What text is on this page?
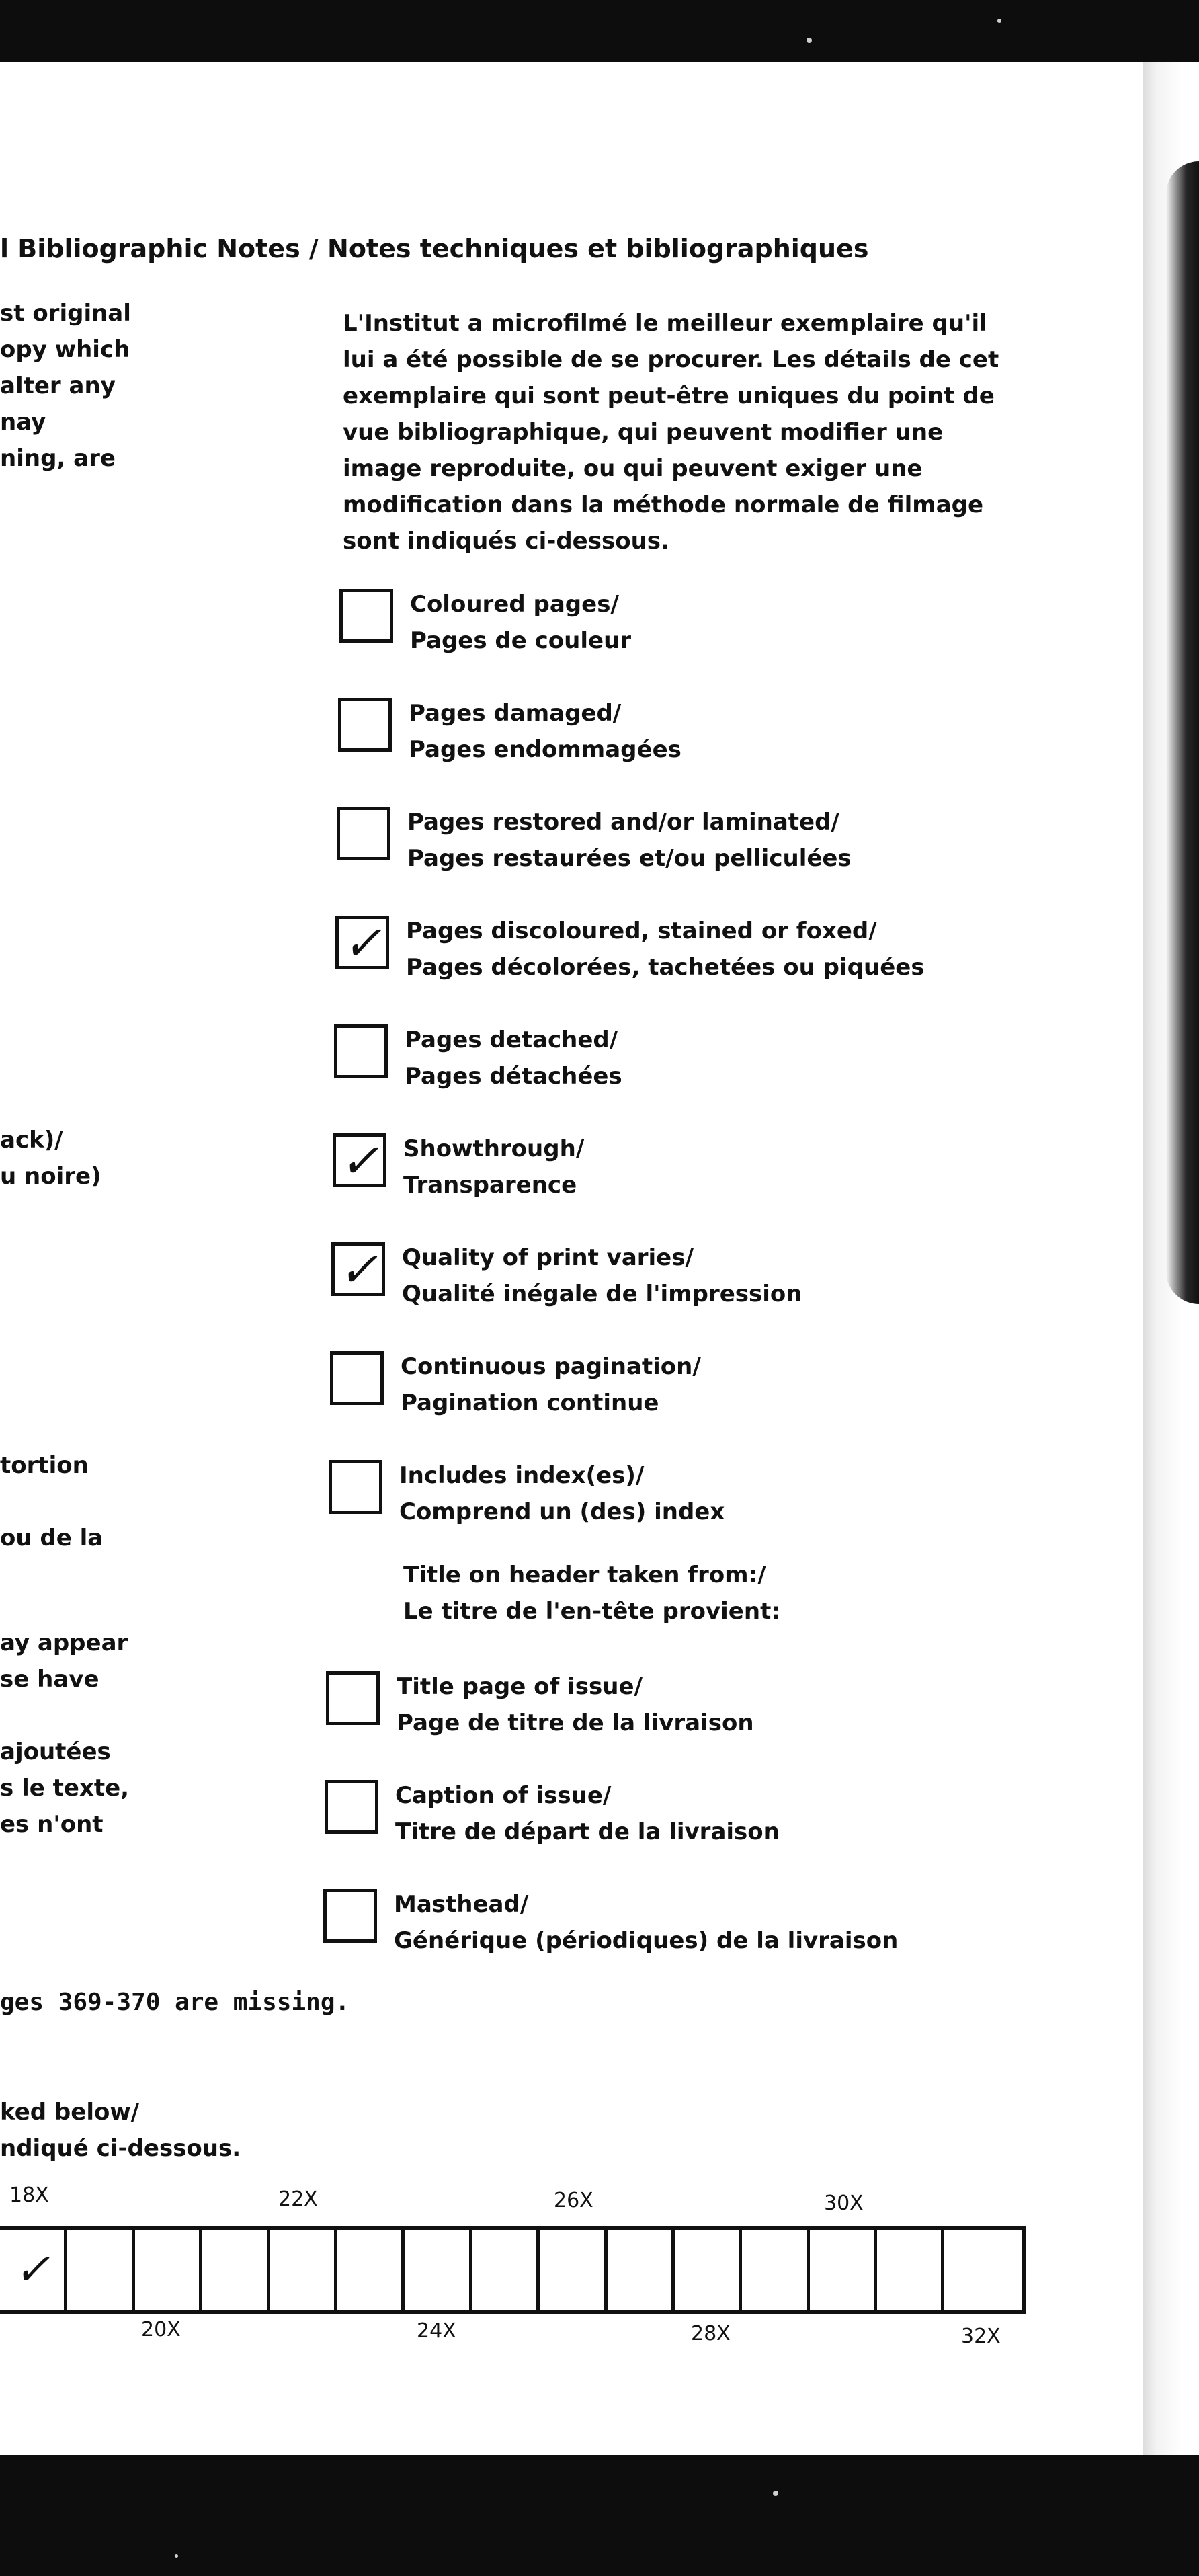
l Bibliographic Notes / Notes techniques et bibliographiques

st original

opy which

alter any

nay

ning, are

ack)/

u noire)

tortion

ou de la

ay appear

se have

ajoutées

s le texte,

es n'ont

L'Institut a microfilmé le meilleur exemplaire qu'il lui a été possible de se procurer. Les détails de cet exemplaire qui sont peut-être uniques du point de vue bibliographique, qui peuvent modifier une image reproduite, ou qui peuvent exiger une modification dans la méthode normale de filmage sont indiqués ci-dessous.

Coloured pages/
Pages de couleur
Pages damaged/
Pages endommagées
Pages restored and/or laminated/
Pages restaurées et/ou pelliculées
✓	Pages discoloured, stained or foxed/
Pages décolorées, tachetées ou piquées
Pages detached/
Pages détachées
✓	Showthrough/
Transparence
✓	Quality of print varies/
Qualité inégale de l'impression
Continuous pagination/
Pagination continue
Includes index(es)/
Comprend un (des) index
Title on header taken from:/
Le titre de l'en-tête provient:
Title page of issue/
Page de titre de la livraison
Caption of issue/
Titre de départ de la livraison
Masthead/
Générique (périodiques) de la livraison

ges 369-370 are missing.

ked below/

ndiqué ci-dessous.

18X	22X	26X	30X
✓
20X	24X	28X	32X
